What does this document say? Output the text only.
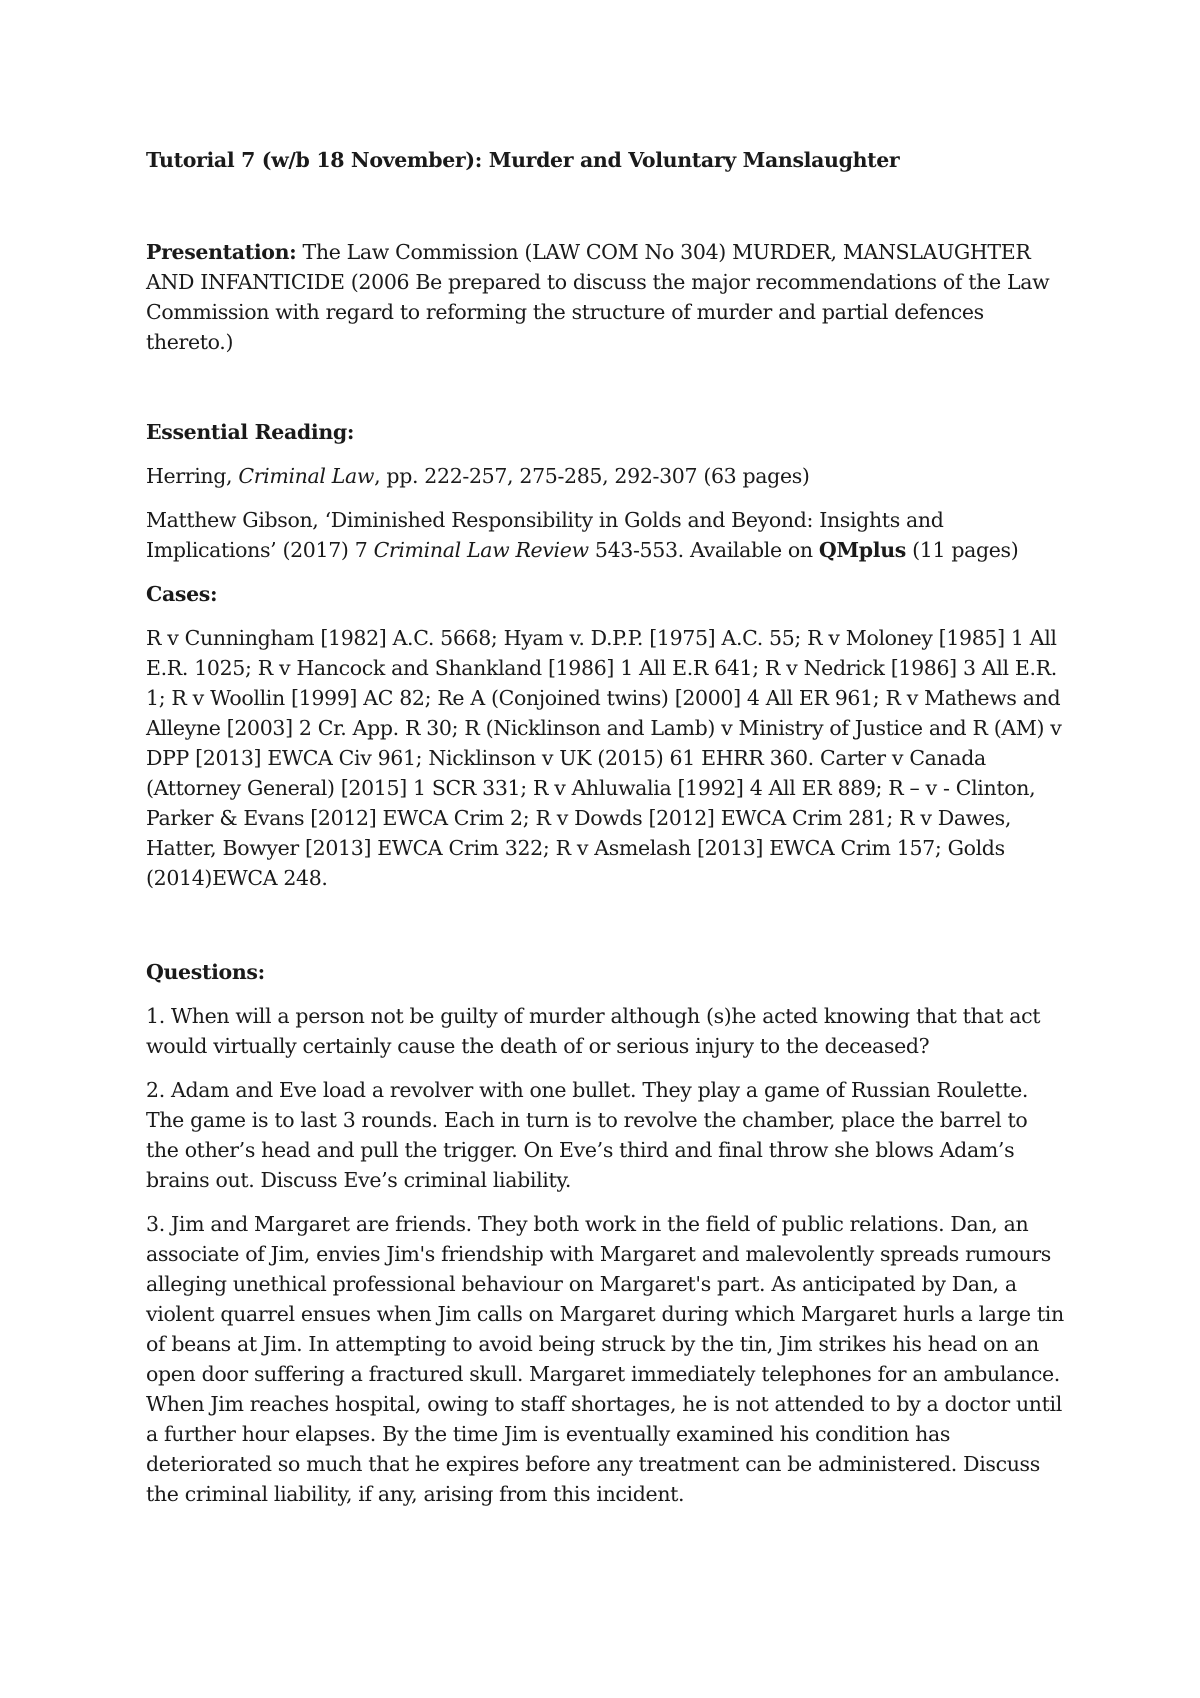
Tutorial 7 (w/b 18 November): Murder and Voluntary Manslaughter

Presentation: The Law Commission (LAW COM No 304) MURDER, MANSLAUGHTER AND INFANTICIDE (2006 Be prepared to discuss the major recommendations of the Law Commission with regard to reforming the structure of murder and partial defences thereto.)

Essential Reading:

Herring, Criminal Law, pp. 222-257, 275-285, 292-307 (63 pages)

Matthew Gibson, ‘Diminished Responsibility in Golds and Beyond: Insights and Implications’ (2017) 7 Criminal Law Review 543-553. Available on QMplus (11 pages)

Cases:

R v Cunningham [1982] A.C. 5668; Hyam v. D.P.P. [1975] A.C. 55; R v Moloney [1985] 1 All E.R. 1025; R v Hancock and Shankland [1986] 1 All E.R 641; R v Nedrick [1986] 3 All E.R. 1; R v Woollin [1999] AC 82; Re A (Conjoined twins) [2000] 4 All ER 961; R v Mathews and Alleyne [2003] 2 Cr. App. R 30; R (Nicklinson and Lamb) v Ministry of Justice and R (AM) v DPP [2013] EWCA Civ 961; Nicklinson v UK (2015) 61 EHRR 360. Carter v Canada (Attorney General) [2015] 1 SCR 331; R v Ahluwalia [1992] 4 All ER 889; R – v - Clinton, Parker & Evans [2012] EWCA Crim 2; R v Dowds [2012] EWCA Crim 281; R v Dawes, Hatter, Bowyer [2013] EWCA Crim 322; R v Asmelash [2013] EWCA Crim 157; Golds (2014)EWCA 248.

Questions:

1. When will a person not be guilty of murder although (s)he acted knowing that that act would virtually certainly cause the death of or serious injury to the deceased?

2. Adam and Eve load a revolver with one bullet. They play a game of Russian Roulette. The game is to last 3 rounds. Each in turn is to revolve the chamber, place the barrel to the other’s head and pull the trigger. On Eve’s third and final throw she blows Adam’s brains out. Discuss Eve’s criminal liability.

3. Jim and Margaret are friends. They both work in the field of public relations. Dan, an associate of Jim, envies Jim's friendship with Margaret and malevolently spreads rumours alleging unethical professional behaviour on Margaret's part. As anticipated by Dan, a violent quarrel ensues when Jim calls on Margaret during which Margaret hurls a large tin of beans at Jim. In attempting to avoid being struck by the tin, Jim strikes his head on an open door suffering a fractured skull. Margaret immediately telephones for an ambulance. When Jim reaches hospital, owing to staff shortages, he is not attended to by a doctor until a further hour elapses. By the time Jim is eventually examined his condition has deteriorated so much that he expires before any treatment can be administered. Discuss the criminal liability, if any, arising from this incident.
